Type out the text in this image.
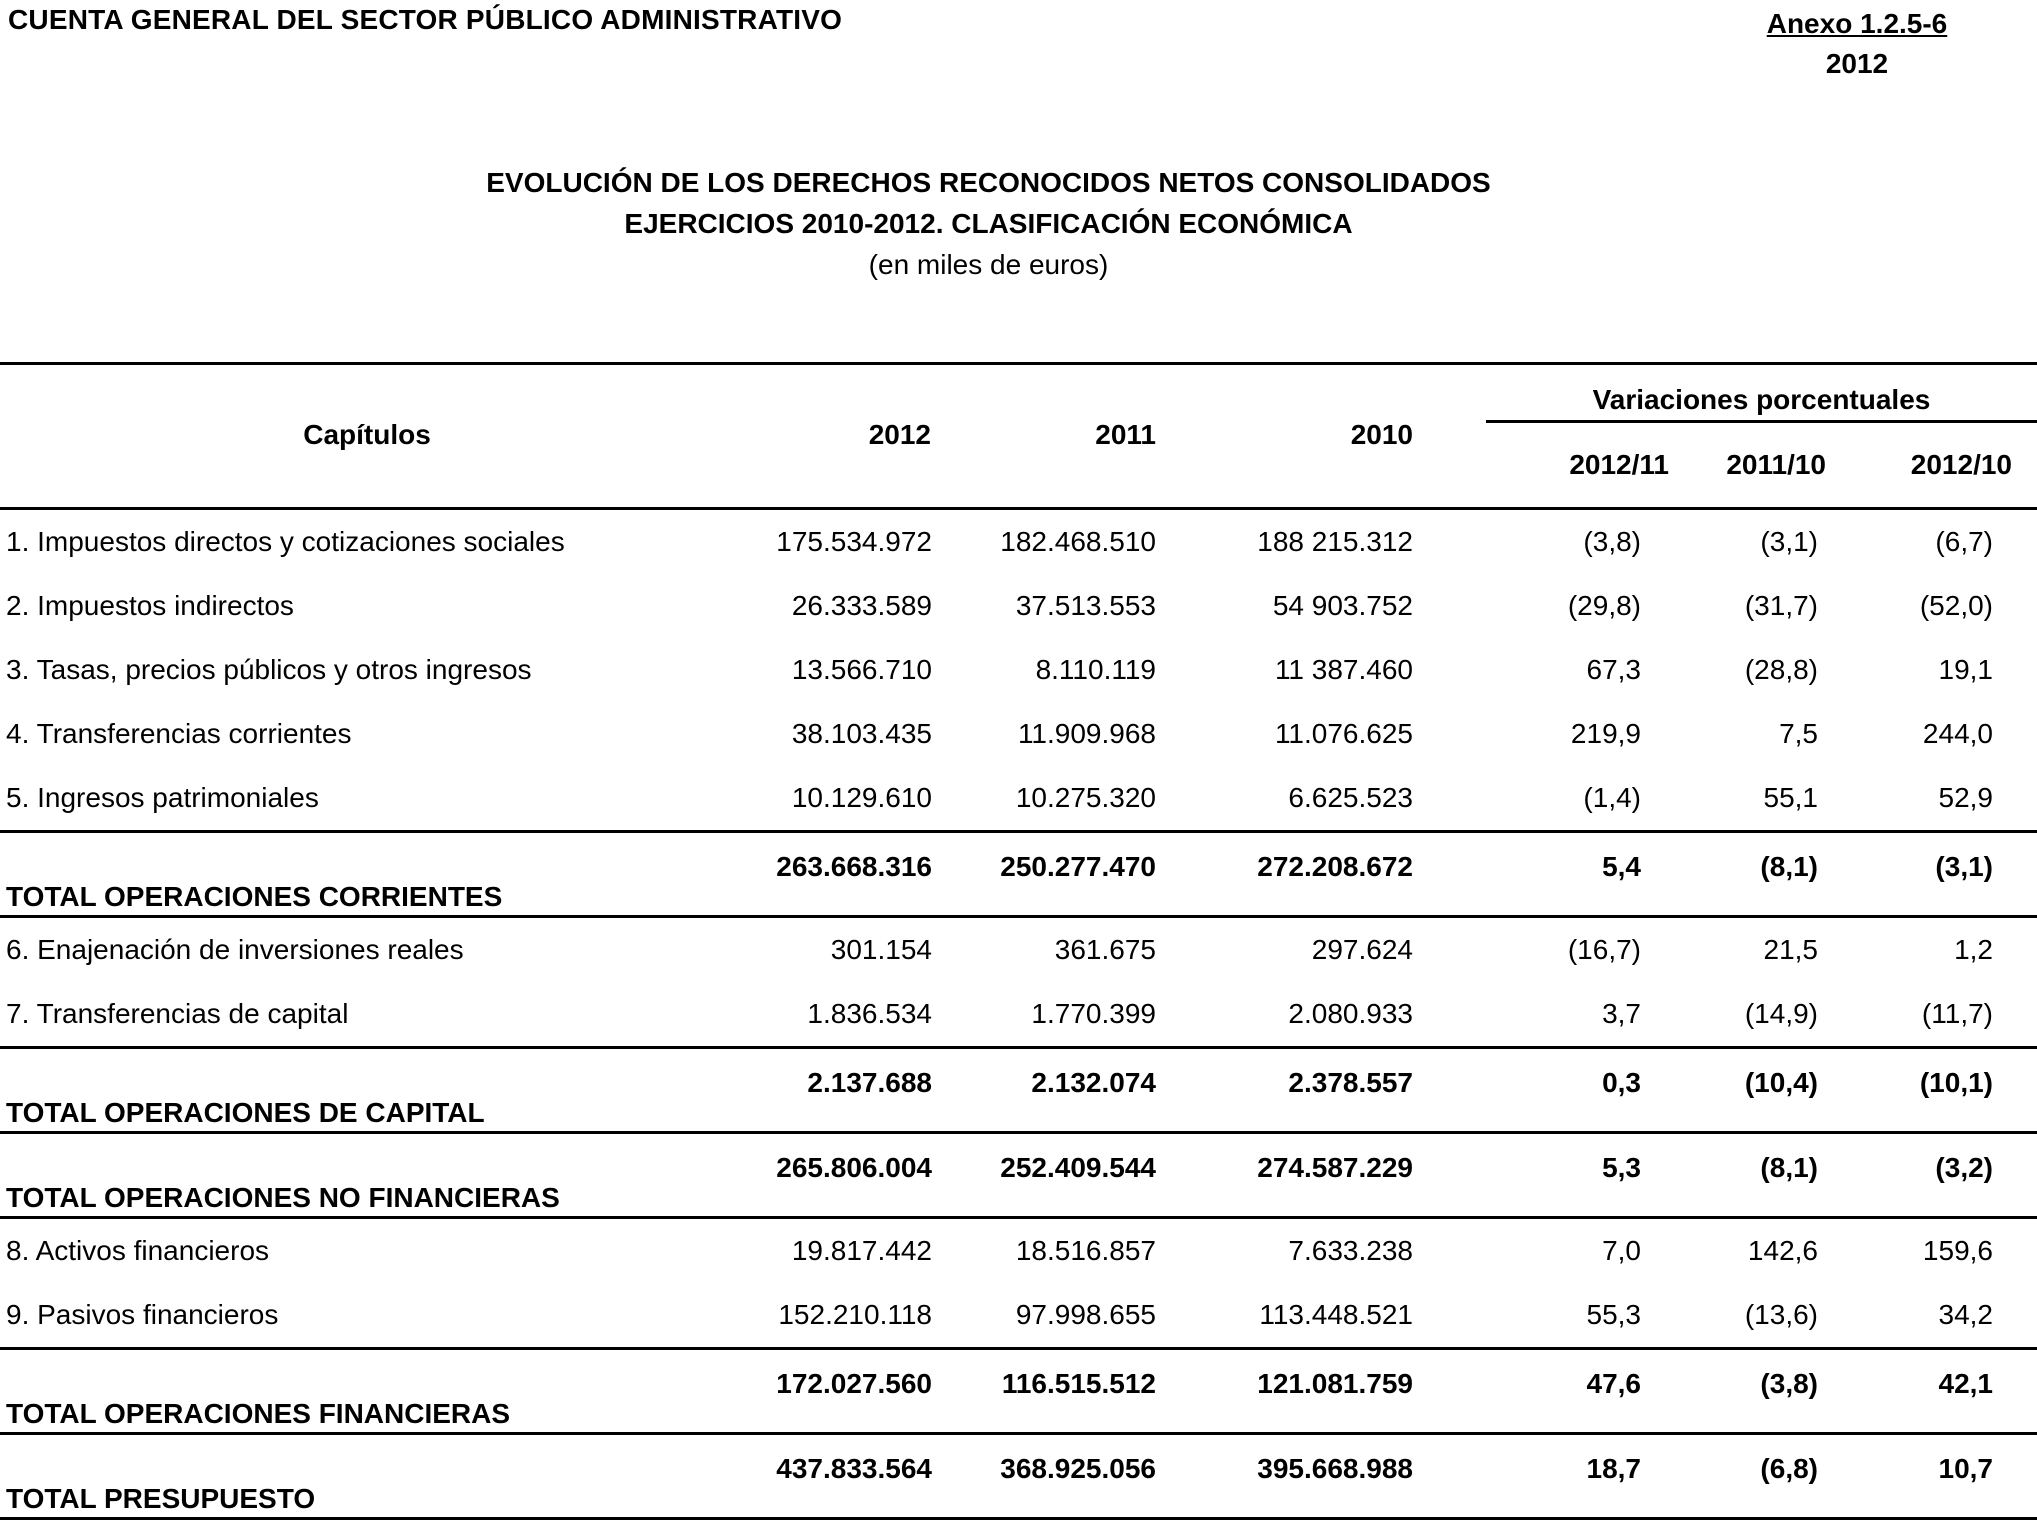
CUENTA GENERAL DEL SECTOR PÚBLICO ADMINISTRATIVO	Anexo 1.2.5-6
2012
EVOLUCIÓN DE LOS DERECHOS RECONOCIDOS NETOS CONSOLIDADOS
EJERCICIOS 2010-2012. CLASIFICACIÓN ECONÓMICA
(en miles de euros)
Capítulos	2012	2011	2010	Variaciones porcentuales		
				2012/11	2011/10	2012/10
1. Impuestos directos y cotizaciones sociales	175.534.972	182.468.510	188 215.312	(3,8)	(3,1)	(6,7)
2. Impuestos indirectos	26.333.589	37.513.553	54 903.752	(29,8)	(31,7)	(52,0)
3. Tasas, precios públicos y otros ingresos	13.566.710	8.110.119	11 387.460	67,3	(28,8)	19,1
4. Transferencias corrientes	38.103.435	11.909.968	11.076.625	219,9	7,5	244,0
5. Ingresos patrimoniales	10.129.610	10.275.320	6.625.523	(1,4)	55,1	52,9
TOTAL OPERACIONES CORRIENTES	263.668.316	250.277.470	272.208.672	5,4	(8,1)	(3,1)
6. Enajenación de inversiones reales	301.154	361.675	297.624	(16,7)	21,5	1,2
7. Transferencias de capital	1.836.534	1.770.399	2.080.933	3,7	(14,9)	(11,7)
TOTAL OPERACIONES DE CAPITAL	2.137.688	2.132.074	2.378.557	0,3	(10,4)	(10,1)
TOTAL OPERACIONES NO FINANCIERAS	265.806.004	252.409.544	274.587.229	5,3	(8,1)	(3,2)
8. Activos financieros	19.817.442	18.516.857	7.633.238	7,0	142,6	159,6
9. Pasivos financieros	152.210.118	97.998.655	113.448.521	55,3	(13,6)	34,2
TOTAL OPERACIONES FINANCIERAS	172.027.560	116.515.512	121.081.759	47,6	(3,8)	42,1
TOTAL PRESUPUESTO	437.833.564	368.925.056	395.668.988	18,7	(6,8)	10,7
